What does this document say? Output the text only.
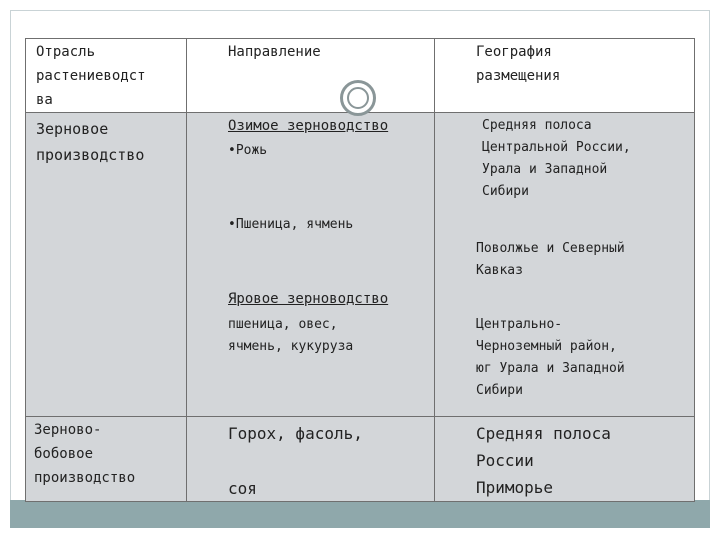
Отрасль
растениеводст
ва
Направление	География
размещения
Зерновое
производство
Озимое зерноводство
•Рожь
•Пшеница, ячмень
Яровое зерноводство
пшеница, овес,
ячмень, кукуруза
Средняя полоса
Центральной России,
Урала и Западной
Сибири
Поволжье и Северный
Кавказ
Центрально-
Черноземный район,
юг Урала и Западной
Сибири
Зерново-
бобовое
производство
Горох, фасоль,
соя
Средняя полоса
России
Приморье
